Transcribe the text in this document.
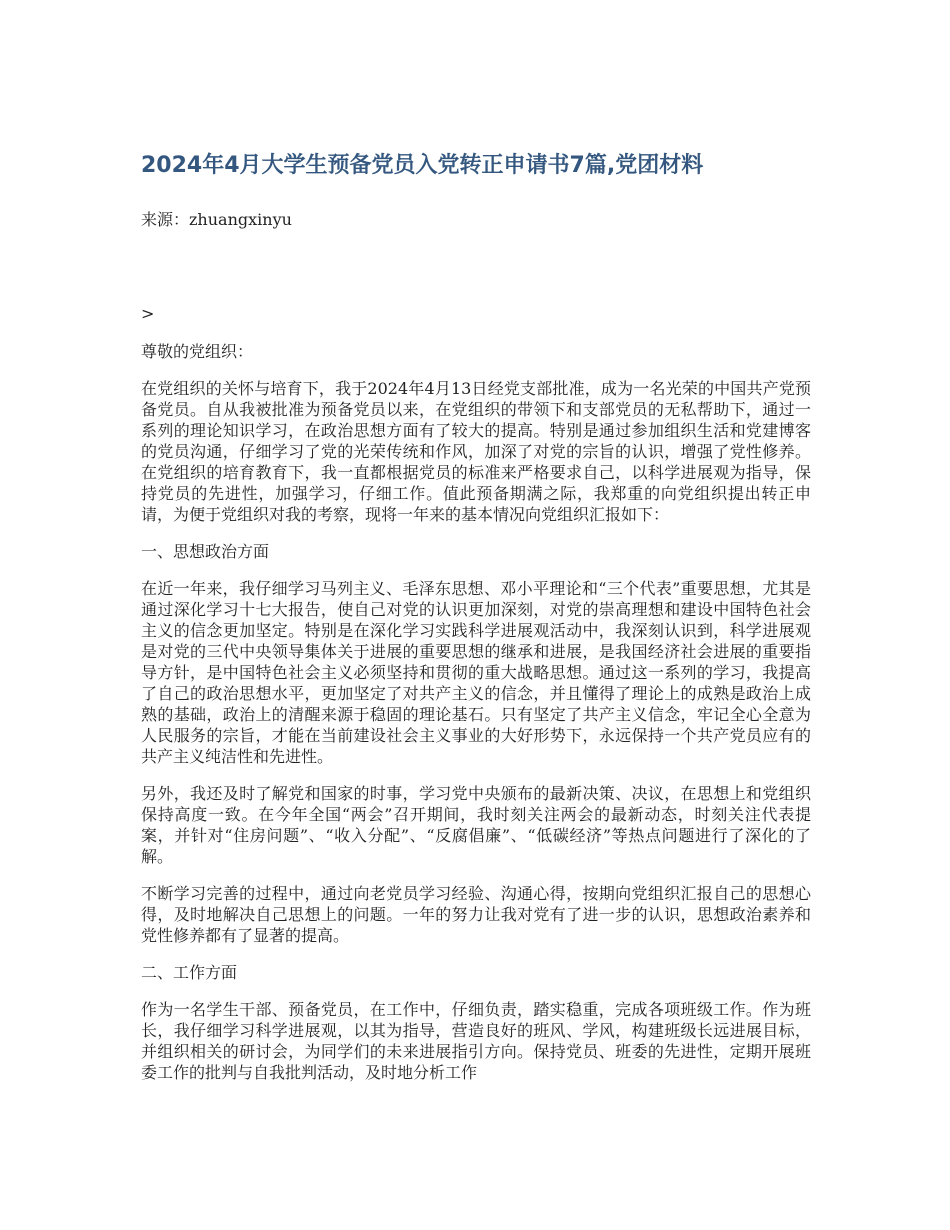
2024年4月大学生预备党员入党转正申请书7篇,党团材料

来源：zhuangxinyu

>

尊敬的党组织：

在党组织的关怀与培育下，我于2024年4月13日经党支部批准，成为一名光荣的中国共产党预备党员。自从我被批准为预备党员以来，在党组织的带领下和支部党员的无私帮助下，通过一系列的理论知识学习，在政治思想方面有了较大的提高。特别是通过参加组织生活和党建博客的党员沟通，仔细学习了党的光荣传统和作风，加深了对党的宗旨的认识，增强了党性修养。在党组织的培育教育下，我一直都根据党员的标准来严格要求自己，以科学进展观为指导，保持党员的先进性，加强学习，仔细工作。值此预备期满之际，我郑重的向党组织提出转正申请，为便于党组织对我的考察，现将一年来的基本情况向党组织汇报如下：

一、思想政治方面

在近一年来，我仔细学习马列主义、毛泽东思想、邓小平理论和“三个代表”重要思想，尤其是通过深化学习十七大报告，使自己对党的认识更加深刻，对党的崇高理想和建设中国特色社会主义的信念更加坚定。特别是在深化学习实践科学进展观活动中，我深刻认识到，科学进展观是对党的三代中央领导集体关于进展的重要思想的继承和进展，是我国经济社会进展的重要指导方针，是中国特色社会主义必须坚持和贯彻的重大战略思想。通过这一系列的学习，我提高了自己的政治思想水平，更加坚定了对共产主义的信念，并且懂得了理论上的成熟是政治上成熟的基础，政治上的清醒来源于稳固的理论基石。只有坚定了共产主义信念，牢记全心全意为人民服务的宗旨，才能在当前建设社会主义事业的大好形势下，永远保持一个共产党员应有的共产主义纯洁性和先进性。

另外，我还及时了解党和国家的时事，学习党中央颁布的最新决策、决议，在思想上和党组织保持高度一致。在今年全国“两会”召开期间，我时刻关注两会的最新动态，时刻关注代表提案，并针对“住房问题”、“收入分配”、“反腐倡廉”、“低碳经济”等热点问题进行了深化的了解。

不断学习完善的过程中，通过向老党员学习经验、沟通心得，按期向党组织汇报自己的思想心得，及时地解决自己思想上的问题。一年的努力让我对党有了进一步的认识，思想政治素养和党性修养都有了显著的提高。

二、工作方面

作为一名学生干部、预备党员，在工作中，仔细负责，踏实稳重，完成各项班级工作。作为班长，我仔细学习科学进展观，以其为指导，营造良好的班风、学风，构建班级长远进展目标，并组织相关的研讨会，为同学们的未来进展指引方向。保持党员、班委的先进性，定期开展班委工作的批判与自我批判活动，及时地分析工作
